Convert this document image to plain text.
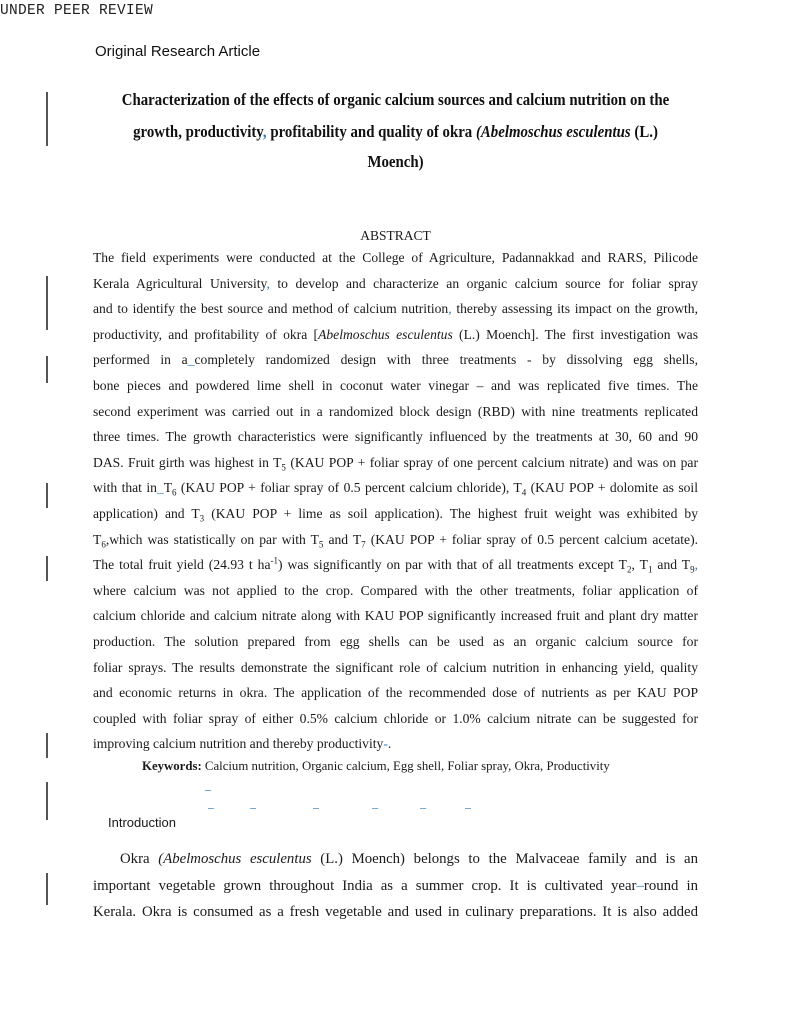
UNDER PEER REVIEW
Original Research Article
Characterization of the effects of organic calcium sources and calcium nutrition on the
growth, productivity, profitability and quality of okra (Abelmoschus esculentus (L.)
Moench)
ABSTRACT
The field experiments were conducted at the College of Agriculture, Padannakkad and RARS, Pilicode
Kerala Agricultural University, to develop and characterize an organic calcium source for foliar spray
and to identify the best source and method of calcium nutrition, thereby assessing its impact on the growth,
productivity, and profitability of okra [Abelmoschus esculentus (L.) Moench]. The first investigation was
performed in a_completely randomized design with three treatments - by dissolving egg shells,
bone pieces and powdered lime shell in coconut water vinegar – and was replicated five times. The
second experiment was carried out in a randomized block design (RBD) with nine treatments replicated
three times. The growth characteristics were significantly influenced by the treatments at 30, 60 and 90
DAS. Fruit girth was highest in $T_5$ (KAU POP + foliar spray of one percent calcium nitrate) and was on par
with that $in\_T_6$ (KAU POP + foliar spray of 0.5 percent calcium chloride), $T_4$ (KAU POP + dolomite as soil
application) and $T_3$ (KAU POP + lime as soil application). The highest fruit weight was exhibited by
$T_6,which$ was statistically on par with $T_5$ and $T_7$ (KAU POP + foliar spray of 0.5 percent calcium acetate).
The total fruit yield (24.93 t $ha^{-1}$) was significantly on par with that of all treatments except $T_2$, $T_1$ and $T_9$,
where calcium was not applied to the crop. Compared with the other treatments, foliar application of
calcium chloride and calcium nitrate along with KAU POP significantly increased fruit and plant dry matter
production. The solution prepared from egg shells can be used as an organic calcium source for
foliar sprays. The results demonstrate the significant role of calcium nutrition in enhancing yield, quality
and economic returns in okra. The application of the recommended dose of nutrients as per KAU POP
coupled with foliar spray of either 0.5% calcium chloride or 1.0% calcium nitrate can be suggested for
improving calcium nutrition and thereby productivity-.
Keywords: Calcium nutrition, Organic calcium, Egg shell, Foliar spray, Okra, Productivity
Introduction
Okra (Abelmoschus esculentus (L.) Moench) belongs to the Malvaceae family and is an
important vegetable grown throughout India as a summer crop. It is cultivated year–round in
Kerala. Okra is consumed as a fresh vegetable and used in culinary preparations. It is also added
